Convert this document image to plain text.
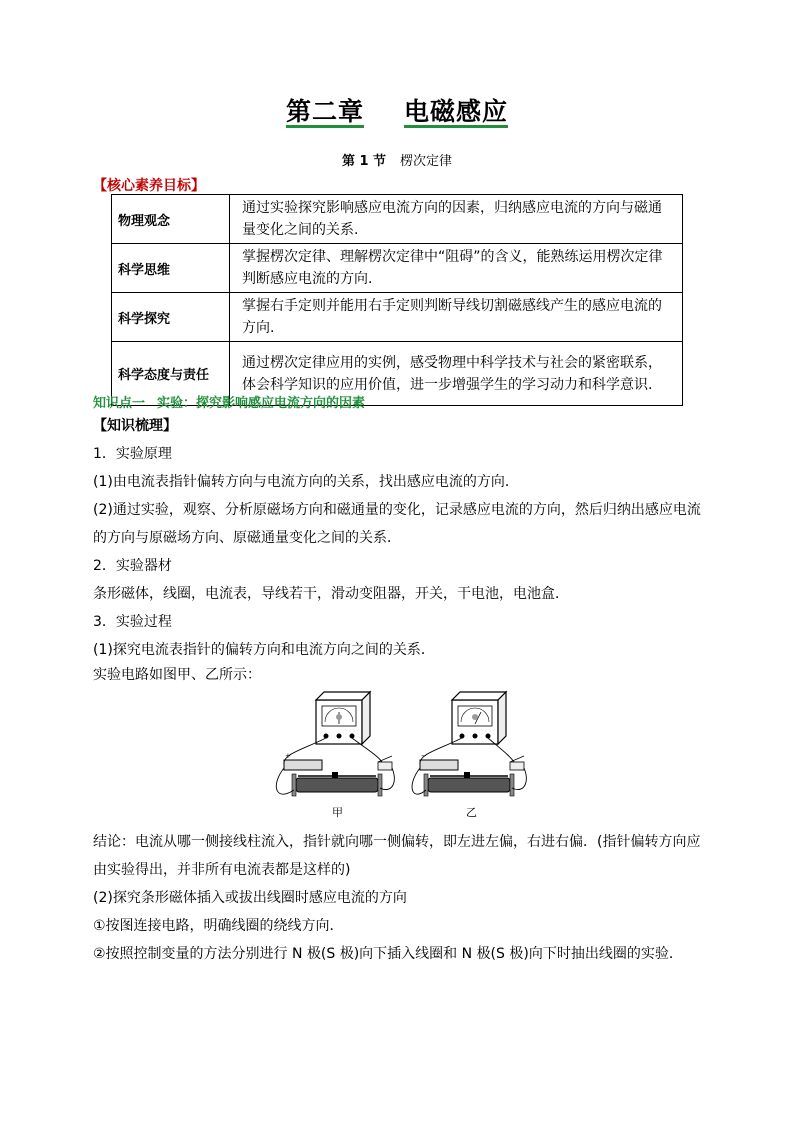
第二章 电磁感应
第 1 节 楞次定律
【核心素养目标】
物理观念	通过实验探究影响感应电流方向的因素，归纳感应电流的方向与磁通量变化之间的关系.
科学思维	掌握楞次定律、理解楞次定律中“阻碍”的含义，能熟练运用楞次定律判断感应电流的方向.
科学探究	掌握右手定则并能用右手定则判断导线切割磁感线产生的感应电流的方向.
科学态度与责任	通过楞次定律应用的实例，感受物理中科学技术与社会的紧密联系，体会科学知识的应用价值，进一步增强学生的学习动力和科学意识.
知识点一 实验：探究影响感应电流方向的因素
【知识梳理】
1．实验原理
(1)由电流表指针偏转方向与电流方向的关系，找出感应电流的方向．
(2)通过实验，观察、分析原磁场方向和磁通量的变化，记录感应电流的方向，然后归纳出感应电流的方向与原磁场方向、原磁通量变化之间的关系．
2．实验器材
条形磁体，线圈，电流表，导线若干，滑动变阻器，开关，干电池，电池盒．
3．实验过程
(1)探究电流表指针的偏转方向和电流方向之间的关系．
实验电路如图甲、乙所示：
+
甲
−
乙
结论：电流从哪一侧接线柱流入，指针就向哪一侧偏转，即左进左偏，右进右偏．(指针偏转方向应由实验得出，并非所有电流表都是这样的)
(2)探究条形磁体插入或拔出线圈时感应电流的方向
①按图连接电路，明确线圈的绕线方向．
②按照控制变量的方法分别进行 N 极(S 极)向下插入线圈和 N 极(S 极)向下时抽出线圈的实验．
